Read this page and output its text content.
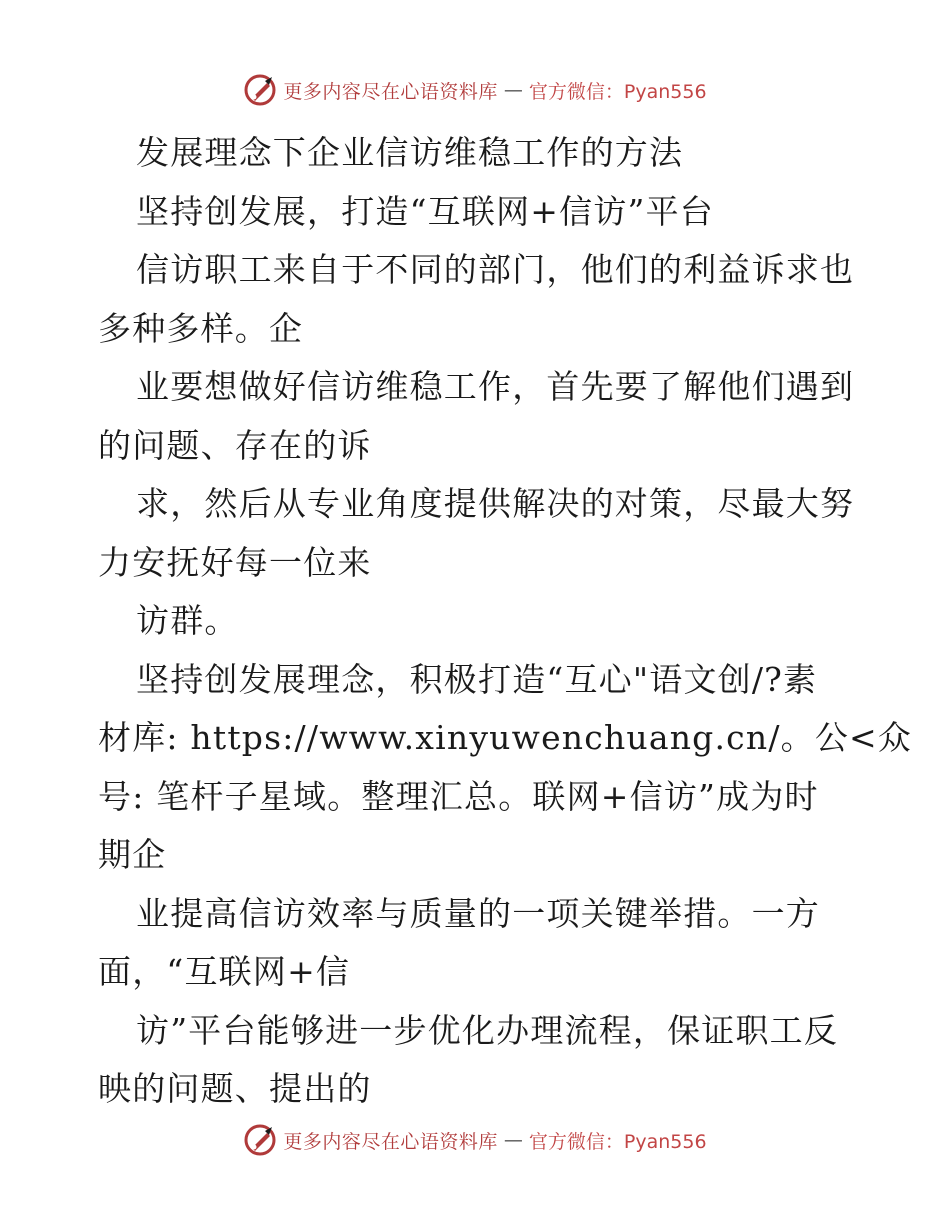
更多内容尽在心语资料库 — 官方微信：Pyan556
发展理念下企业信访维稳工作的方法
坚持创发展，打造“互联网+信访”平台
信访职工来自于不同的部门，他们的利益诉求也
多种多样。企
业要想做好信访维稳工作，首先要了解他们遇到
的问题、存在的诉
求，然后从专业角度提供解决的对策，尽最大努
力安抚好每一位来
访群。
坚持创发展理念，积极打造“互心"语文创/?素
材库: https://www.xinyuwenchuang.cn/。公<众
号: 笔杆子星域。整理汇总。联网+信访”成为时
期企
业提高信访效率与质量的一项关键举措。一方
面，“互联网+信
访”平台能够进一步优化办理流程，保证职工反
映的问题、提出的
更多内容尽在心语资料库 — 官方微信：Pyan556
